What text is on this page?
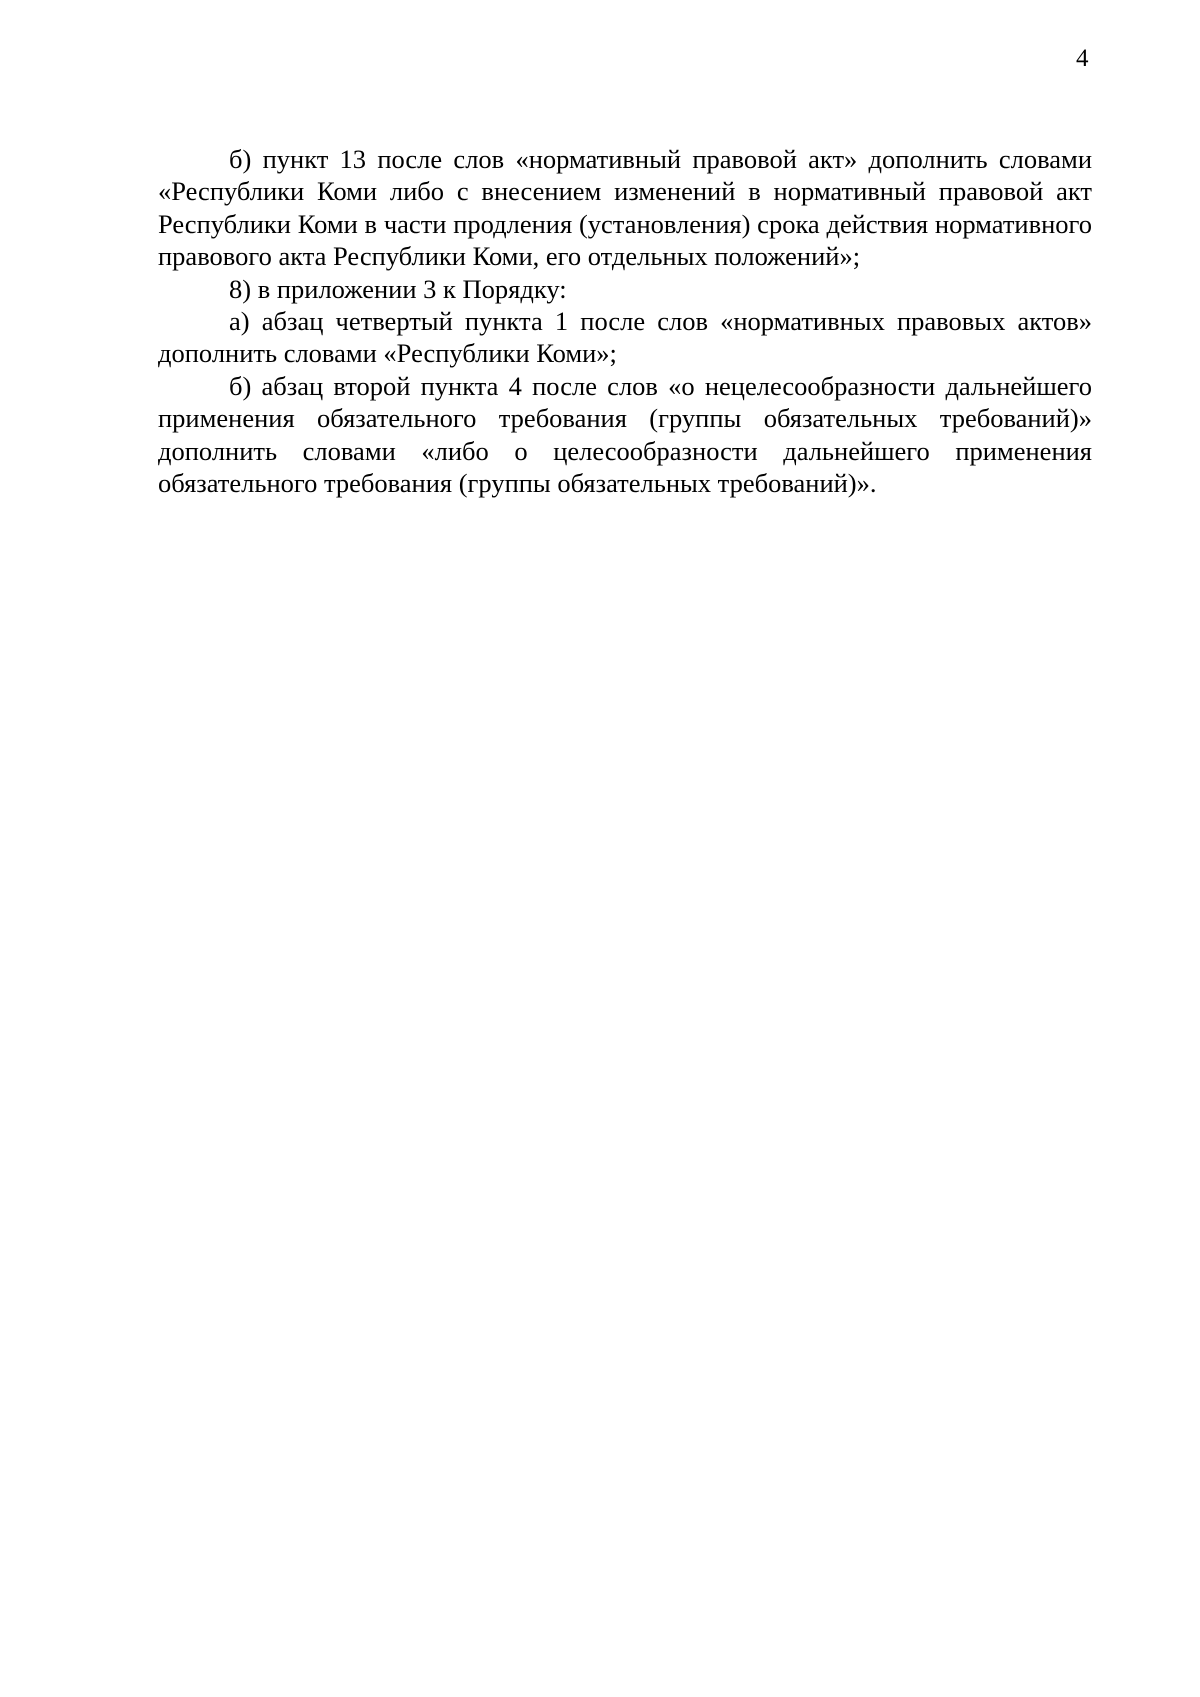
4

б) пункт 13 после слов «нормативный правовой акт» дополнить словами «Республики Коми либо с внесением изменений в нормативный правовой акт Республики Коми в части продления (установления) срока действия нормативного правового акта Республики Коми, его отдельных положений»;

8) в приложении 3 к Порядку:

а) абзац четвертый пункта 1 после слов «нормативных правовых актов» дополнить словами «Республики Коми»;

б) абзац второй пункта 4 после слов «о нецелесообразности дальнейшего применения обязательного требования (группы обязательных требований)» дополнить словами «либо о целесообразности дальнейшего применения обязательного требования (группы обязательных требований)».
